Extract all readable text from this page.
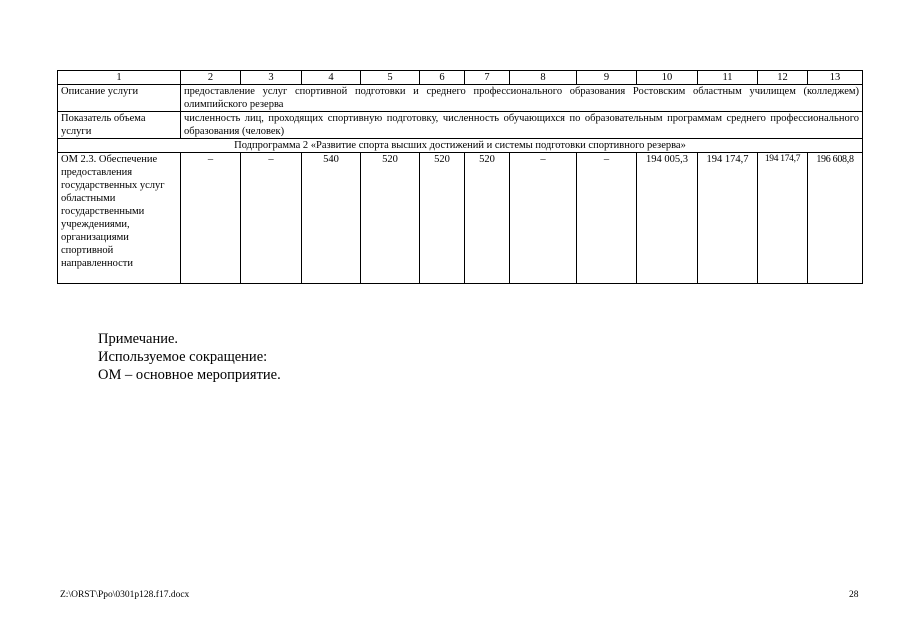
1	2	3	4	5	6	7	8	9	10	11	12	13
Описание услуги	предоставление услуг спортивной подготовки и среднего профессионального образования Ростовским областным училищем (колледжем) олимпийского резерва											
Показатель объема услуги	численность лиц, проходящих спортивную подготовку, численность обучающихся по образовательным программам среднего профессионального образования (человек)											
Подпрограмма 2 «Развитие спорта высших достижений и системы подготовки спортивного резерва»												
ОМ 2.3. Обеспечение предоставления государственных услуг областными государственными учреждениями, организациями спортивной направленности	–	–	540	520	520	520	–	–	194 005,3	194 174,7	194 174,7	196 608,8
Примечание.
Используемое сокращение:
ОМ – основное мероприятие.
Z:\ORST\Ppo\0301p128.f17.docx	28
